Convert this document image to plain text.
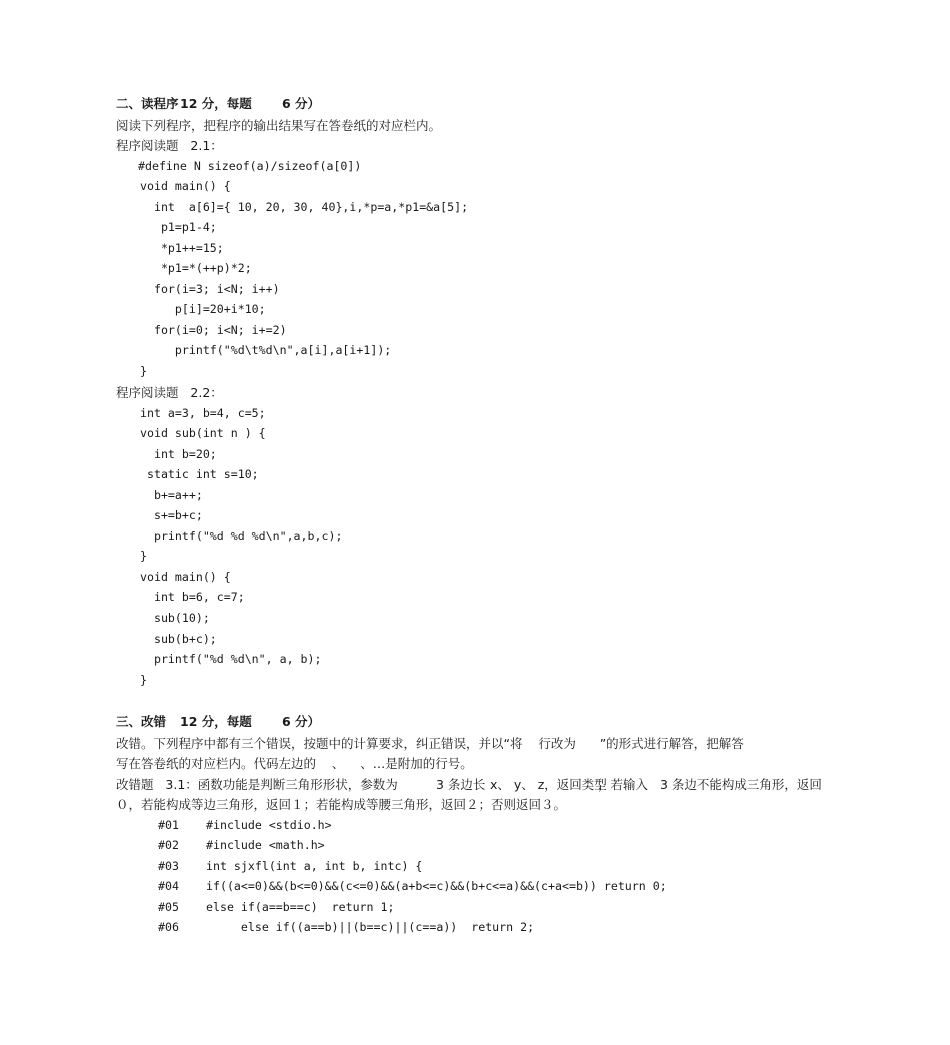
二、读程序 12 分，每题 6 分）
阅读下列程序，把程序的输出结果写在答卷纸的对应栏内。
程序阅读题   2.1：
#define N sizeof(a)/sizeof(a[0])
void main() {
int  a[6]={ 10, 20, 30, 40},i,*p=a,*p1=&a[5];
p1=p1-4;
*p1++=15;
*p1=*(++p)*2;
for(i=3; i<N; i++)
p[i]=20+i*10;
for(i=0; i<N; i+=2)
printf("%d\t%d\n",a[i],a[i+1]);
}
程序阅读题   2.2：
int a=3, b=4, c=5;
void sub(int n ) {
int b=20;
static int s=10;
b+=a++;
s+=b+c;
printf("%d %d %d\n",a,b,c);
}
void main() {
int b=6, c=7;
sub(10);
sub(b+c);
printf("%d %d\n", a, b);
}
三、改错 12 分，每题 6 分）
改错。下列程序中都有三个错误，按题中的计算要求，纠正错误，并以“将    行改为      ”的形式进行解答，把解答
写在答卷纸的对应栏内。代码左边的    、    、…是附加的行号。
改错题   3.1：函数功能是判断三角形形状，参数为	3 条边长 x、 y、 z，返回类型
，若输入 3 条边不能构成三角形，返回
０，若能构成等边三角形，返回１；若能构成等腰三角形，返回２；否则返回３。
#01 #include <stdio.h>
#02 #include <math.h>
#03 int sjxfl(int a, int b, intc) {
#04 if((a<=0)&&(b<=0)&&(c<=0)&&(a+b<=c)&&(b+c<=a)&&(c+a<=b)) return 0;
#05 else if(a==b==c)  return 1;
#06 else if((a==b)||(b==c)||(c==a))  return 2;
